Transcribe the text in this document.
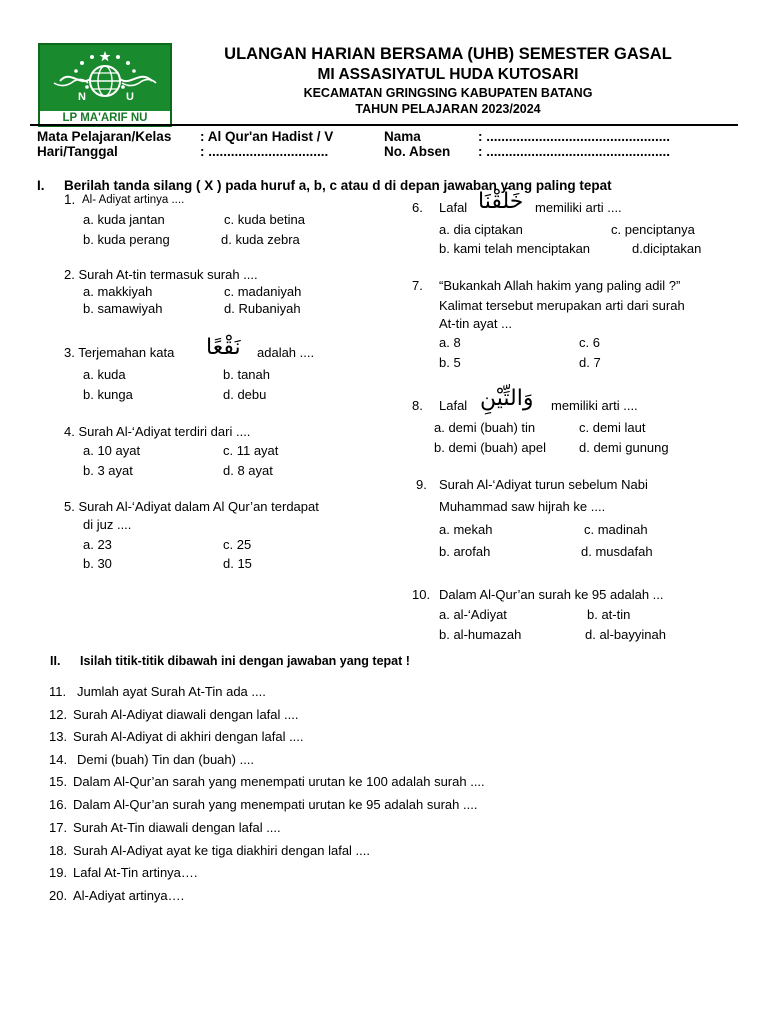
N	U
LP MA'ARIF NU
ULANGAN HARIAN BERSAMA (UHB) SEMESTER GASAL
MI ASSASIYATUL HUDA KUTOSARI
KECAMATAN GRINGSING KABUPATEN BATANG
TAHUN PELAJARAN 2023/2024
Mata Pelajaran/Kelas : Al Qur'an Hadist / V
Hari/Tanggal	: ................................
Nama	: .................................................
No. Absen : .................................................
I. Berilah tanda silang ( X ) pada huruf a, b, c atau d di depan jawaban yang paling tepat
1. Al- Adiyat artinya ....
a. kuda jantan	c. kuda betina
b. kuda perang	d. kuda zebra
2. Surah At-tin termasuk surah ....
a. makkiyah	c. madaniyah
b. samawiyah	d. Rubaniyah
3. Terjemahan kata نَقْعًا adalah ....
a. kuda	b. tanah
b. kunga	d. debu
4. Surah Al-‘Adiyat terdiri dari ....
a. 10 ayat	c. 11 ayat
b. 3 ayat	d. 8 ayat
5. Surah Al-‘Adiyat dalam Al Qur’an terdapat
di juz ....
a. 23	c. 25
b. 30	d. 15
6. Lafal خَلَقْنَا memiliki arti ....
a. dia ciptakan	c. penciptanya
b. kami telah menciptakan	d.diciptakan
7. “Bukankah Allah hakim yang paling adil ?”
Kalimat tersebut merupakan arti dari surah
At-tin ayat ...
a. 8	c. 6
b. 5	d. 7
8. Lafal وَالتِّيْنِ memiliki arti ....
a. demi (buah) tin	c. demi laut
b. demi (buah) apel	d. demi gunung
9. Surah Al-‘Adiyat turun sebelum Nabi
Muhammad saw hijrah ke ....
a. mekah	c. madinah
b. arofah	d. musdafah
10. Dalam Al-Qur’an surah ke 95 adalah ...
a. al-‘Adiyat	b. at-tin
b. al-humazah	d. al-bayyinah
II. Isilah titik-titik dibawah ini dengan jawaban yang tepat !
11. Jumlah ayat Surah At-Tin ada ....
12. Surah Al-Adiyat diawali dengan lafal ....
13. Surah Al-Adiyat di akhiri dengan lafal ....
14. Demi (buah) Tin dan (buah) ....
15. Dalam Al-Qur’an sarah yang menempati urutan ke 100 adalah surah ....
16. Dalam Al-Qur’an surah yang menempati urutan ke 95 adalah surah ....
17. Surah At-Tin diawali dengan lafal ....
18. Surah Al-Adiyat ayat ke tiga diakhiri dengan lafal ....
19. Lafal At-Tin artinya….
20. Al-Adiyat artinya….
